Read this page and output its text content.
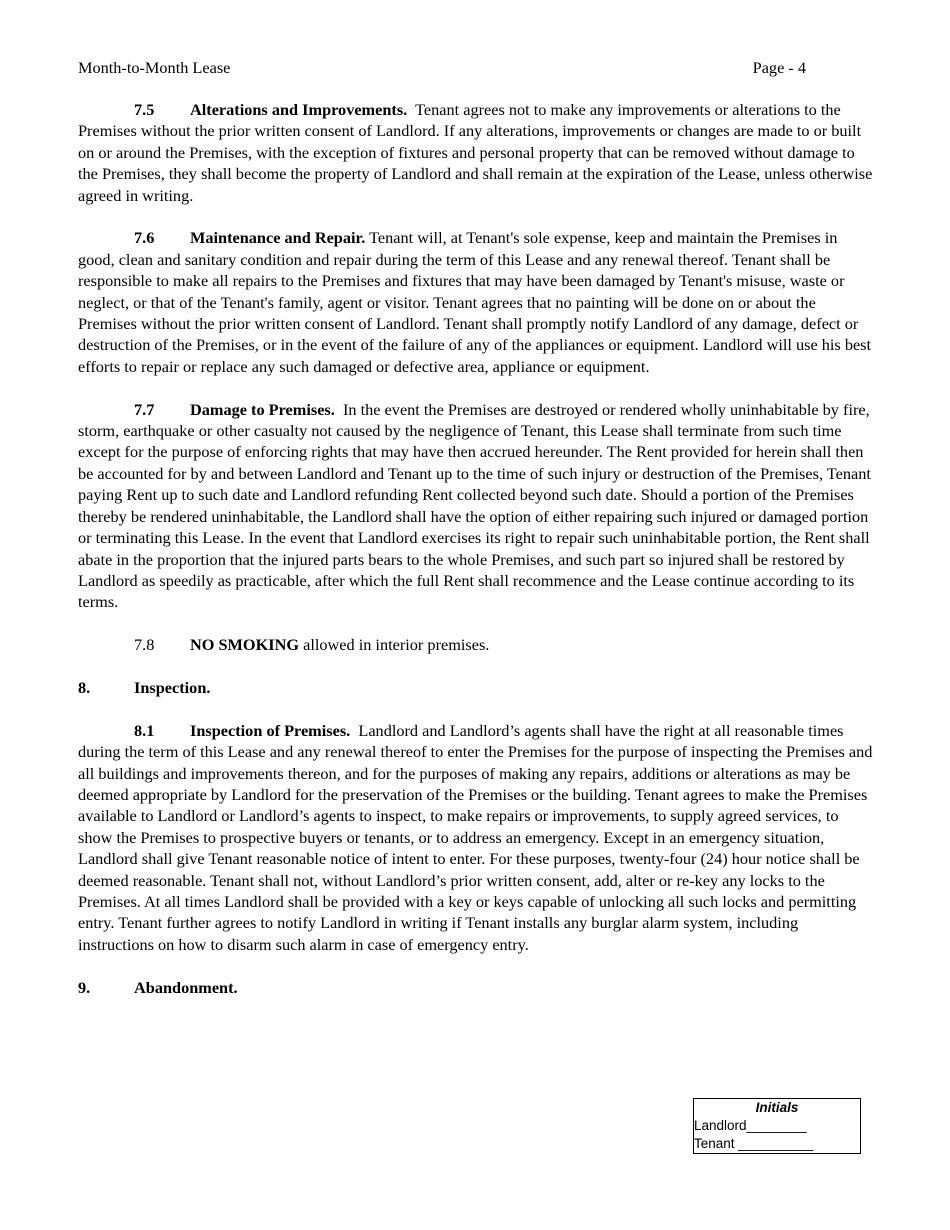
Month-to-Month Lease	Page - 4

7.5 Alterations and Improvements. Tenant agrees not to make any improvements or alterations to the Premises without the prior written consent of Landlord. If any alterations, improvements or changes are made to or built on or around the Premises, with the exception of fixtures and personal property that can be removed without damage to the Premises, they shall become the property of Landlord and shall remain at the expiration of the Lease, unless otherwise agreed in writing.

7.6 Maintenance and Repair. Tenant will, at Tenant's sole expense, keep and maintain the Premises in good, clean and sanitary condition and repair during the term of this Lease and any renewal thereof. Tenant shall be responsible to make all repairs to the Premises and fixtures that may have been damaged by Tenant's misuse, waste or neglect, or that of the Tenant's family, agent or visitor. Tenant agrees that no painting will be done on or about the Premises without the prior written consent of Landlord. Tenant shall promptly notify Landlord of any damage, defect or destruction of the Premises, or in the event of the failure of any of the appliances or equipment. Landlord will use his best efforts to repair or replace any such damaged or defective area, appliance or equipment.

7.7 Damage to Premises. In the event the Premises are destroyed or rendered wholly uninhabitable by fire, storm, earthquake or other casualty not caused by the negligence of Tenant, this Lease shall terminate from such time except for the purpose of enforcing rights that may have then accrued hereunder. The Rent provided for herein shall then be accounted for by and between Landlord and Tenant up to the time of such injury or destruction of the Premises, Tenant paying Rent up to such date and Landlord refunding Rent collected beyond such date. Should a portion of the Premises thereby be rendered uninhabitable, the Landlord shall have the option of either repairing such injured or damaged portion or terminating this Lease. In the event that Landlord exercises its right to repair such uninhabitable portion, the Rent shall abate in the proportion that the injured parts bears to the whole Premises, and such part so injured shall be restored by Landlord as speedily as practicable, after which the full Rent shall recommence and the Lease continue according to its terms.

7.8 NO SMOKING allowed in interior premises.

8.	Inspection.

8.1 Inspection of Premises. Landlord and Landlord’s agents shall have the right at all reasonable times during the term of this Lease and any renewal thereof to enter the Premises for the purpose of inspecting the Premises and all buildings and improvements thereon, and for the purposes of making any repairs, additions or alterations as may be deemed appropriate by Landlord for the preservation of the Premises or the building. Tenant agrees to make the Premises available to Landlord or Landlord’s agents to inspect, to make repairs or improvements, to supply agreed services, to show the Premises to prospective buyers or tenants, or to address an emergency. Except in an emergency situation, Landlord shall give Tenant reasonable notice of intent to enter. For these purposes, twenty-four (24) hour notice shall be deemed reasonable. Tenant shall not, without Landlord’s prior written consent, add, alter or re-key any locks to the Premises. At all times Landlord shall be provided with a key or keys capable of unlocking all such locks and permitting entry. Tenant further agrees to notify Landlord in writing if Tenant installs any burglar alarm system, including instructions on how to disarm such alarm in case of emergency entry.

9.	Abandonment.

Initials
Landlord________
Tenant __________
